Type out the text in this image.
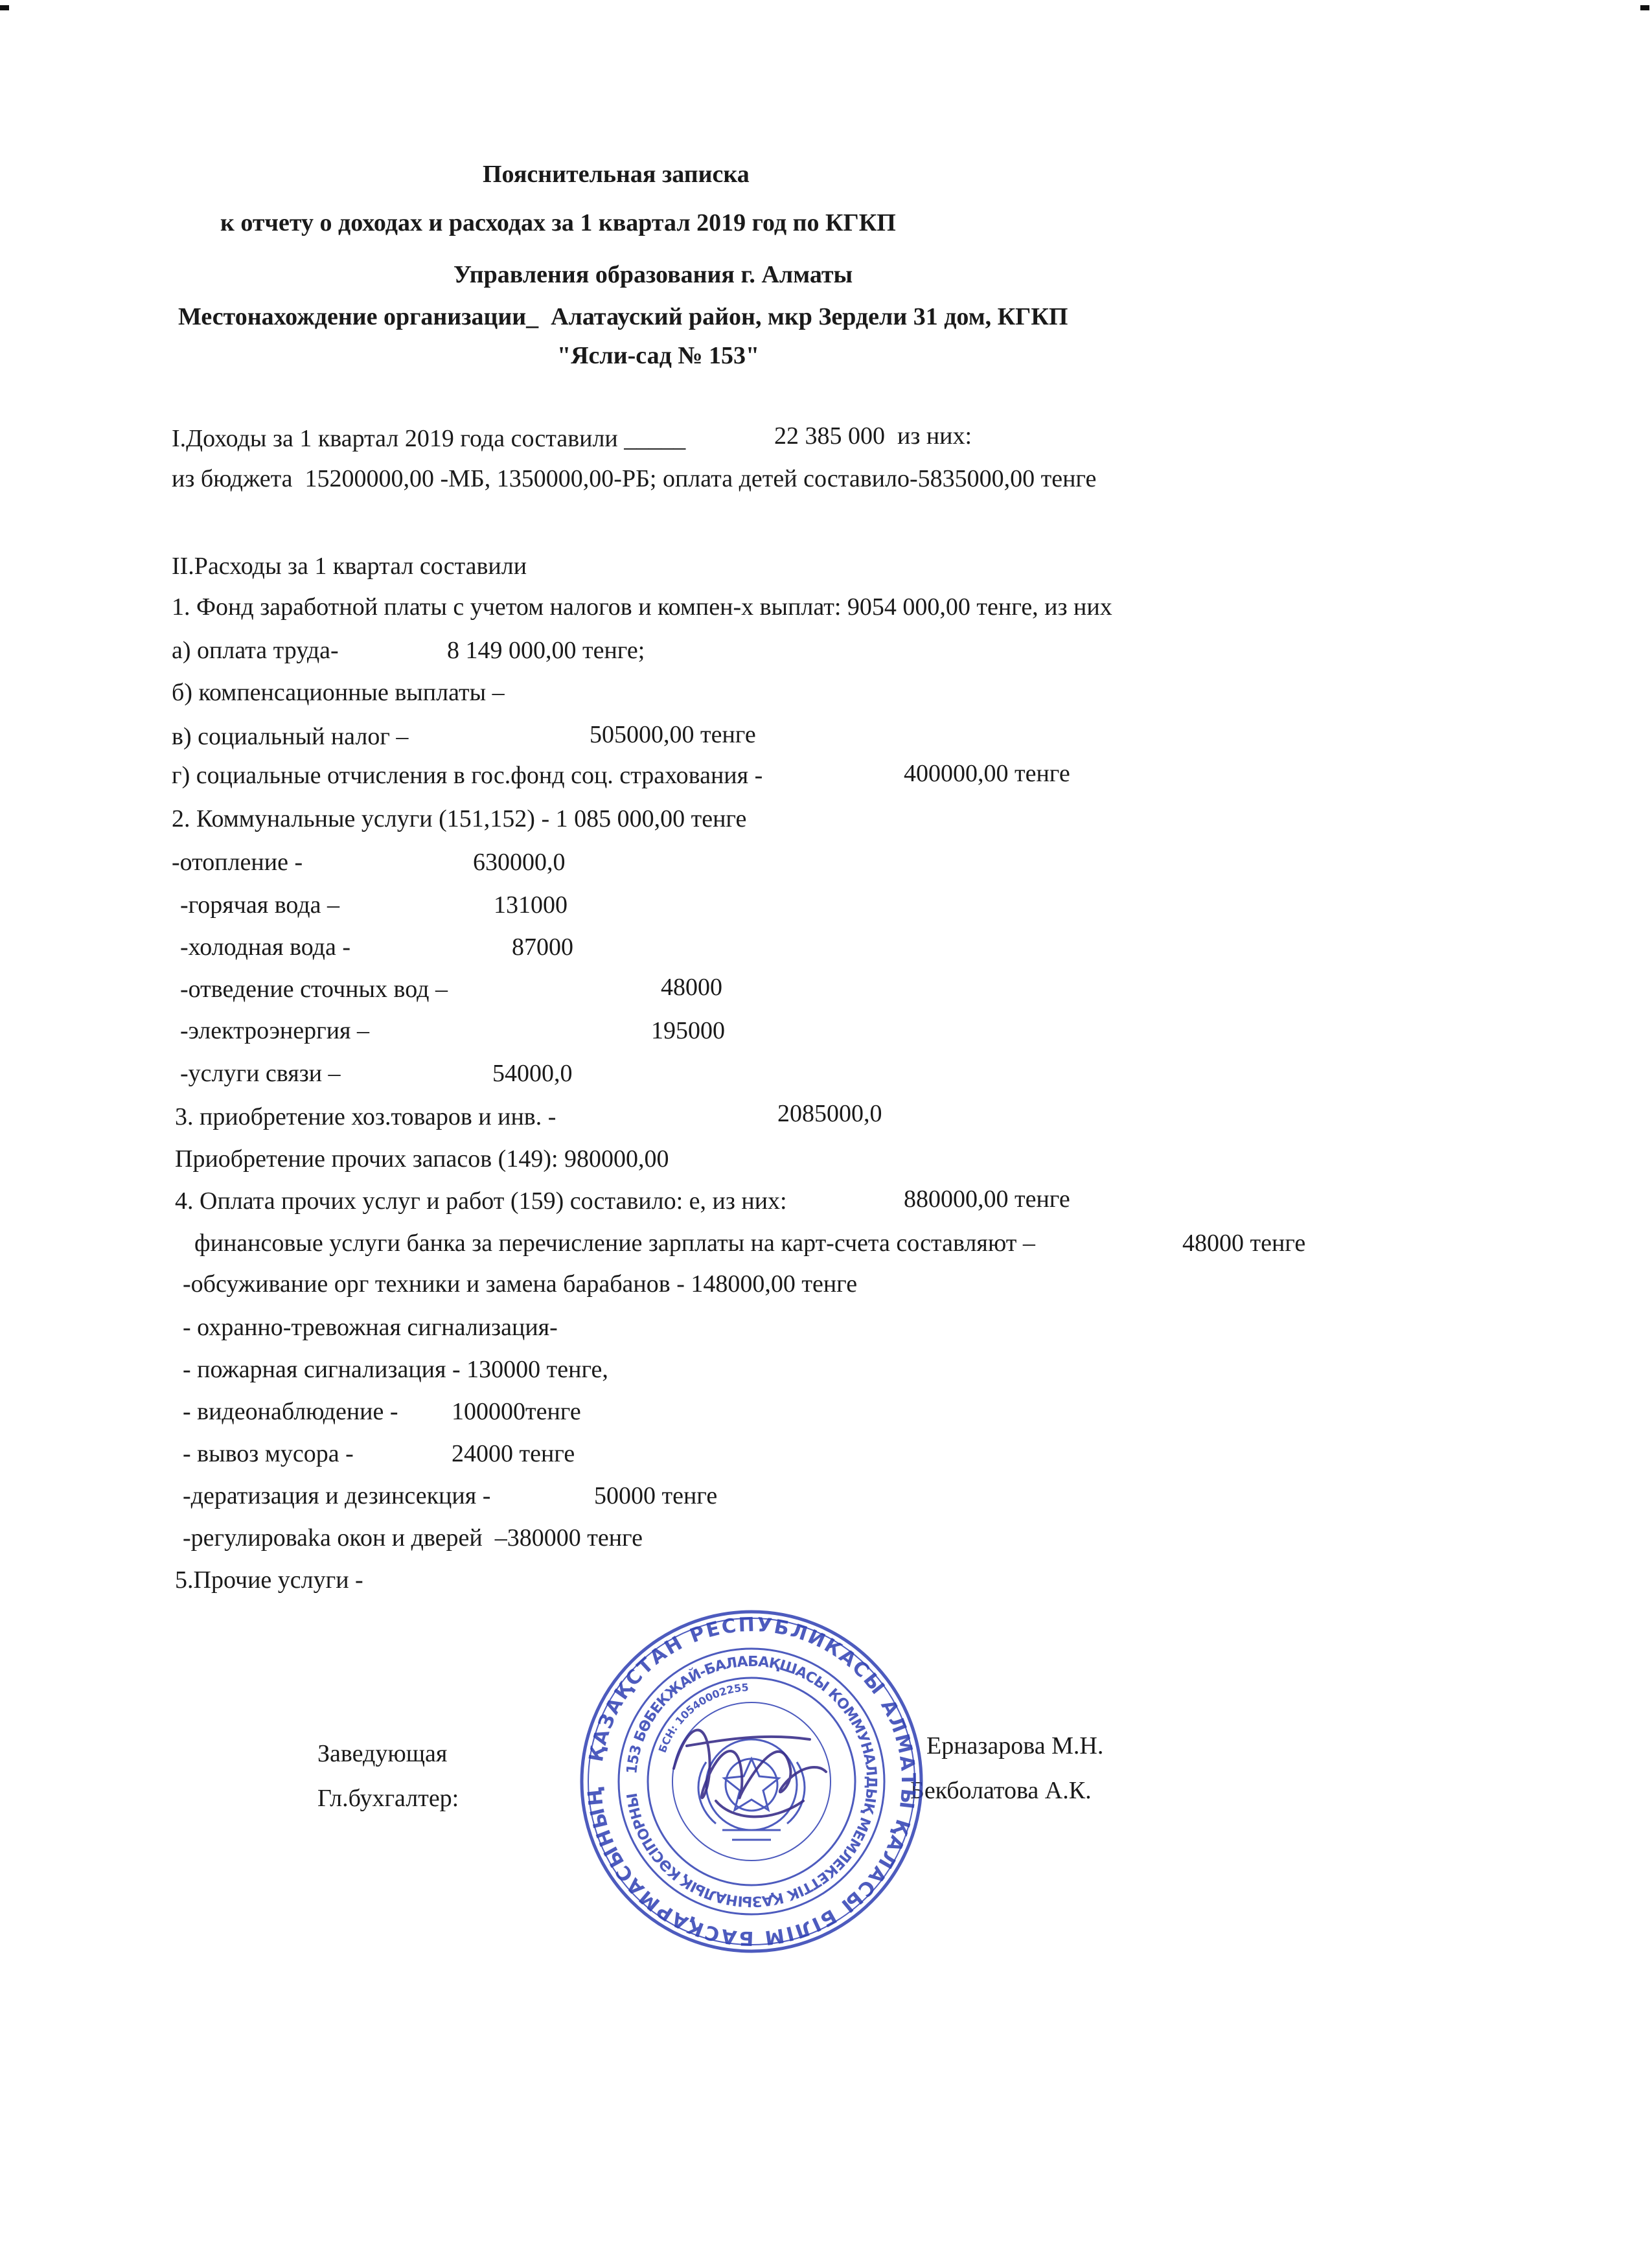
Пояснительная записка
к отчету о доходах и расходах за 1 квартал 2019 год по КГКП
Управления образования г. Алматы
Местонахождение организации_  Алатауский район, мкр Зердели 31 дом, КГКП
"Ясли-сад № 153"
I.Доходы за 1 квартал 2019 года составили _____	22 385 000  из них:
из бюджета  15200000,00 -МБ, 1350000,00-РБ; оплата детей составило-5835000,00 тенге
II.Расходы за 1 квартал составили
1. Фонд заработной платы с учетом налогов и компен-х выплат: 9054 000,00 тенге, из них
а) оплата труда-	8 149 000,00 тенге;
б) компенсационные выплаты –
в) социальный налог –	505000,00 тенге
г) социальные отчисления в гос.фонд соц. страхования -	400000,00 тенге
2. Коммунальные услуги (151,152) - 1 085 000,00 тенге
-отопление -	630000,0
-горячая вода –	131000
-холодная вода -	87000
-отведение сточных вод –	48000
-электроэнергия –	195000
-услуги связи –	54000,0
3. приобретение хоз.товаров и инв. -	2085000,0
Приобретение прочих запасов (149): 980000,00
4. Оплата прочих услуг и работ (159) составило: е, из них:	880000,00 тенге
финансовые услуги банка за перечисление зарплаты на карт-счета составляют –	48000 тенге
-обсуживание орг техники и замена барабанов - 148000,00 тенге
- охранно-тревожная сигнализация-
- пожарная сигнализация - 130000 тенге,
- видеонаблюдение - 100000тенге
- вывоз мусора -	24000 тенге
-дератизация и дезинсекция -	50000 тенге
-регулироваka окон и дверей  –380000 тенге
5.Прочие услуги -
Заведующая	Ерназарова М.Н.
Гл.бухгалтер:	Бекболатова А.К.
ҚАЗАҚСТАН РЕСПУБЛИКАСЫ АЛМАТЫ ҚАЛАСЫ БІЛІМ БАСҚАРМАСЫНЫҢ
153 БӨБЕКЖАЙ-БАЛАБАҚШАСЫ КОММУНАЛДЫҚ МЕМЛЕКЕТТІК ҚАЗЫНАЛЫҚ КӘСІПОРНЫ
БСН: 10540002255
